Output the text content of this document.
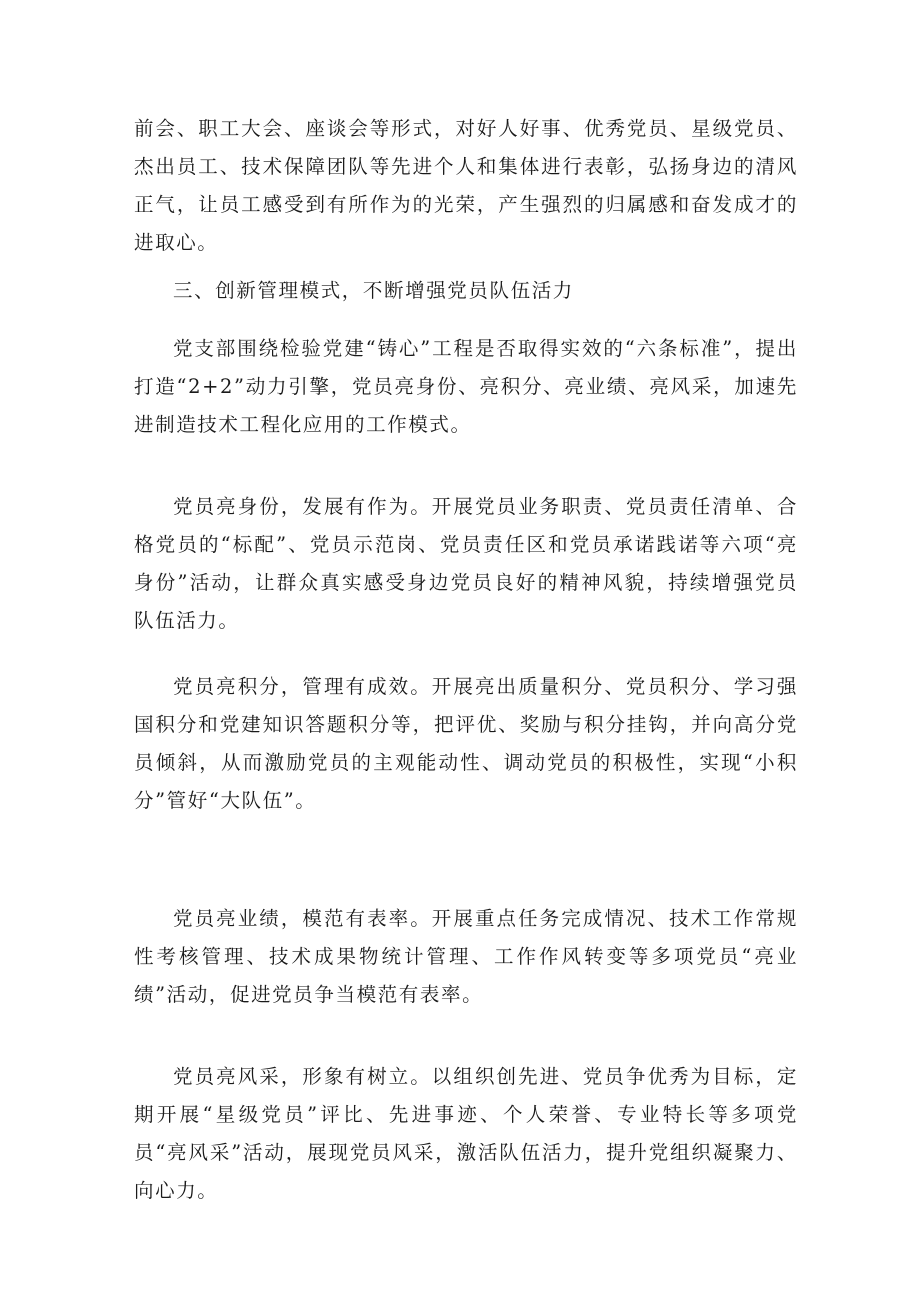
前会、职工大会、座谈会等形式，对好人好事、优秀党员、星级党员、杰出员工、技术保障团队等先进个人和集体进行表彰，弘扬身边的清风正气，让员工感受到有所作为的光荣，产生强烈的归属感和奋发成才的进取心。

三、创新管理模式，不断增强党员队伍活力

党支部围绕检验党建“铸心”工程是否取得实效的“六条标准”，提出打造“2+2”动力引擎，党员亮身份、亮积分、亮业绩、亮风采，加速先进制造技术工程化应用的工作模式。

党员亮身份，发展有作为。开展党员业务职责、党员责任清单、合格党员的“标配”、党员示范岗、党员责任区和党员承诺践诺等六项“亮身份”活动，让群众真实感受身边党员良好的精神风貌，持续增强党员队伍活力。

党员亮积分，管理有成效。开展亮出质量积分、党员积分、学习强国积分和党建知识答题积分等，把评优、奖励与积分挂钩，并向高分党员倾斜，从而激励党员的主观能动性、调动党员的积极性，实现“小积分”管好“大队伍”。

党员亮业绩，模范有表率。开展重点任务完成情况、技术工作常规性考核管理、技术成果物统计管理、工作作风转变等多项党员“亮业绩”活动，促进党员争当模范有表率。

党员亮风采，形象有树立。以组织创先进、党员争优秀为目标，定期开展“星级党员”评比、先进事迹、个人荣誉、专业特长等多项党员“亮风采”活动，展现党员风采，激活队伍活力，提升党组织凝聚力、向心力。
